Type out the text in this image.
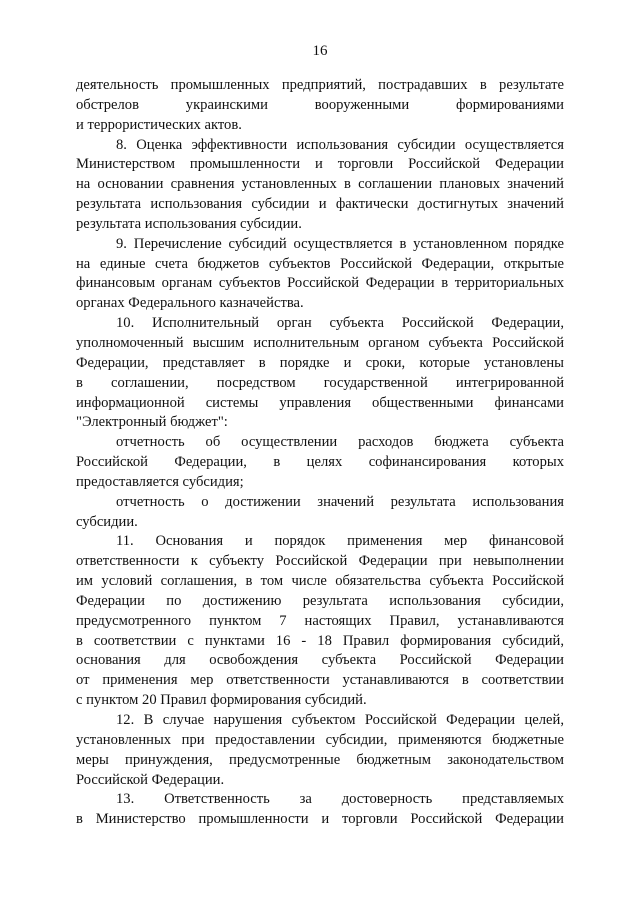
16
деятельность промышленных предприятий, пострадавших в результате
обстрелов украинскими вооруженными формированиями
и террористических актов.
8. Оценка эффективности использования субсидии осуществляется
Министерством промышленности и торговли Российской Федерации
на основании сравнения установленных в соглашении плановых значений
результата использования субсидии и фактически достигнутых значений
результата использования субсидии.
9. Перечисление субсидий осуществляется в установленном порядке
на единые счета бюджетов субъектов Российской Федерации, открытые
финансовым органам субъектов Российской Федерации в территориальных
органах Федерального казначейства.
10. Исполнительный орган субъекта Российской Федерации,
уполномоченный высшим исполнительным органом субъекта Российской
Федерации, представляет в порядке и сроки, которые установлены
в соглашении, посредством государственной интегрированной
информационной системы управления общественными финансами
"Электронный бюджет":
отчетность об осуществлении расходов бюджета субъекта
Российской Федерации, в целях софинансирования которых
предоставляется субсидия;
отчетность о достижении значений результата использования
субсидии.
11. Основания и порядок применения мер финансовой
ответственности к субъекту Российской Федерации при невыполнении
им условий соглашения, в том числе обязательства субъекта Российской
Федерации по достижению результата использования субсидии,
предусмотренного пунктом 7 настоящих Правил, устанавливаются
в соответствии с пунктами 16 - 18 Правил формирования субсидий,
основания для освобождения субъекта Российской Федерации
от применения мер ответственности устанавливаются в соответствии
с пунктом 20 Правил формирования субсидий.
12. В случае нарушения субъектом Российской Федерации целей,
установленных при предоставлении субсидии, применяются бюджетные
меры принуждения, предусмотренные бюджетным законодательством
Российской Федерации.
13. Ответственность за достоверность представляемых
в Министерство промышленности и торговли Российской Федерации
